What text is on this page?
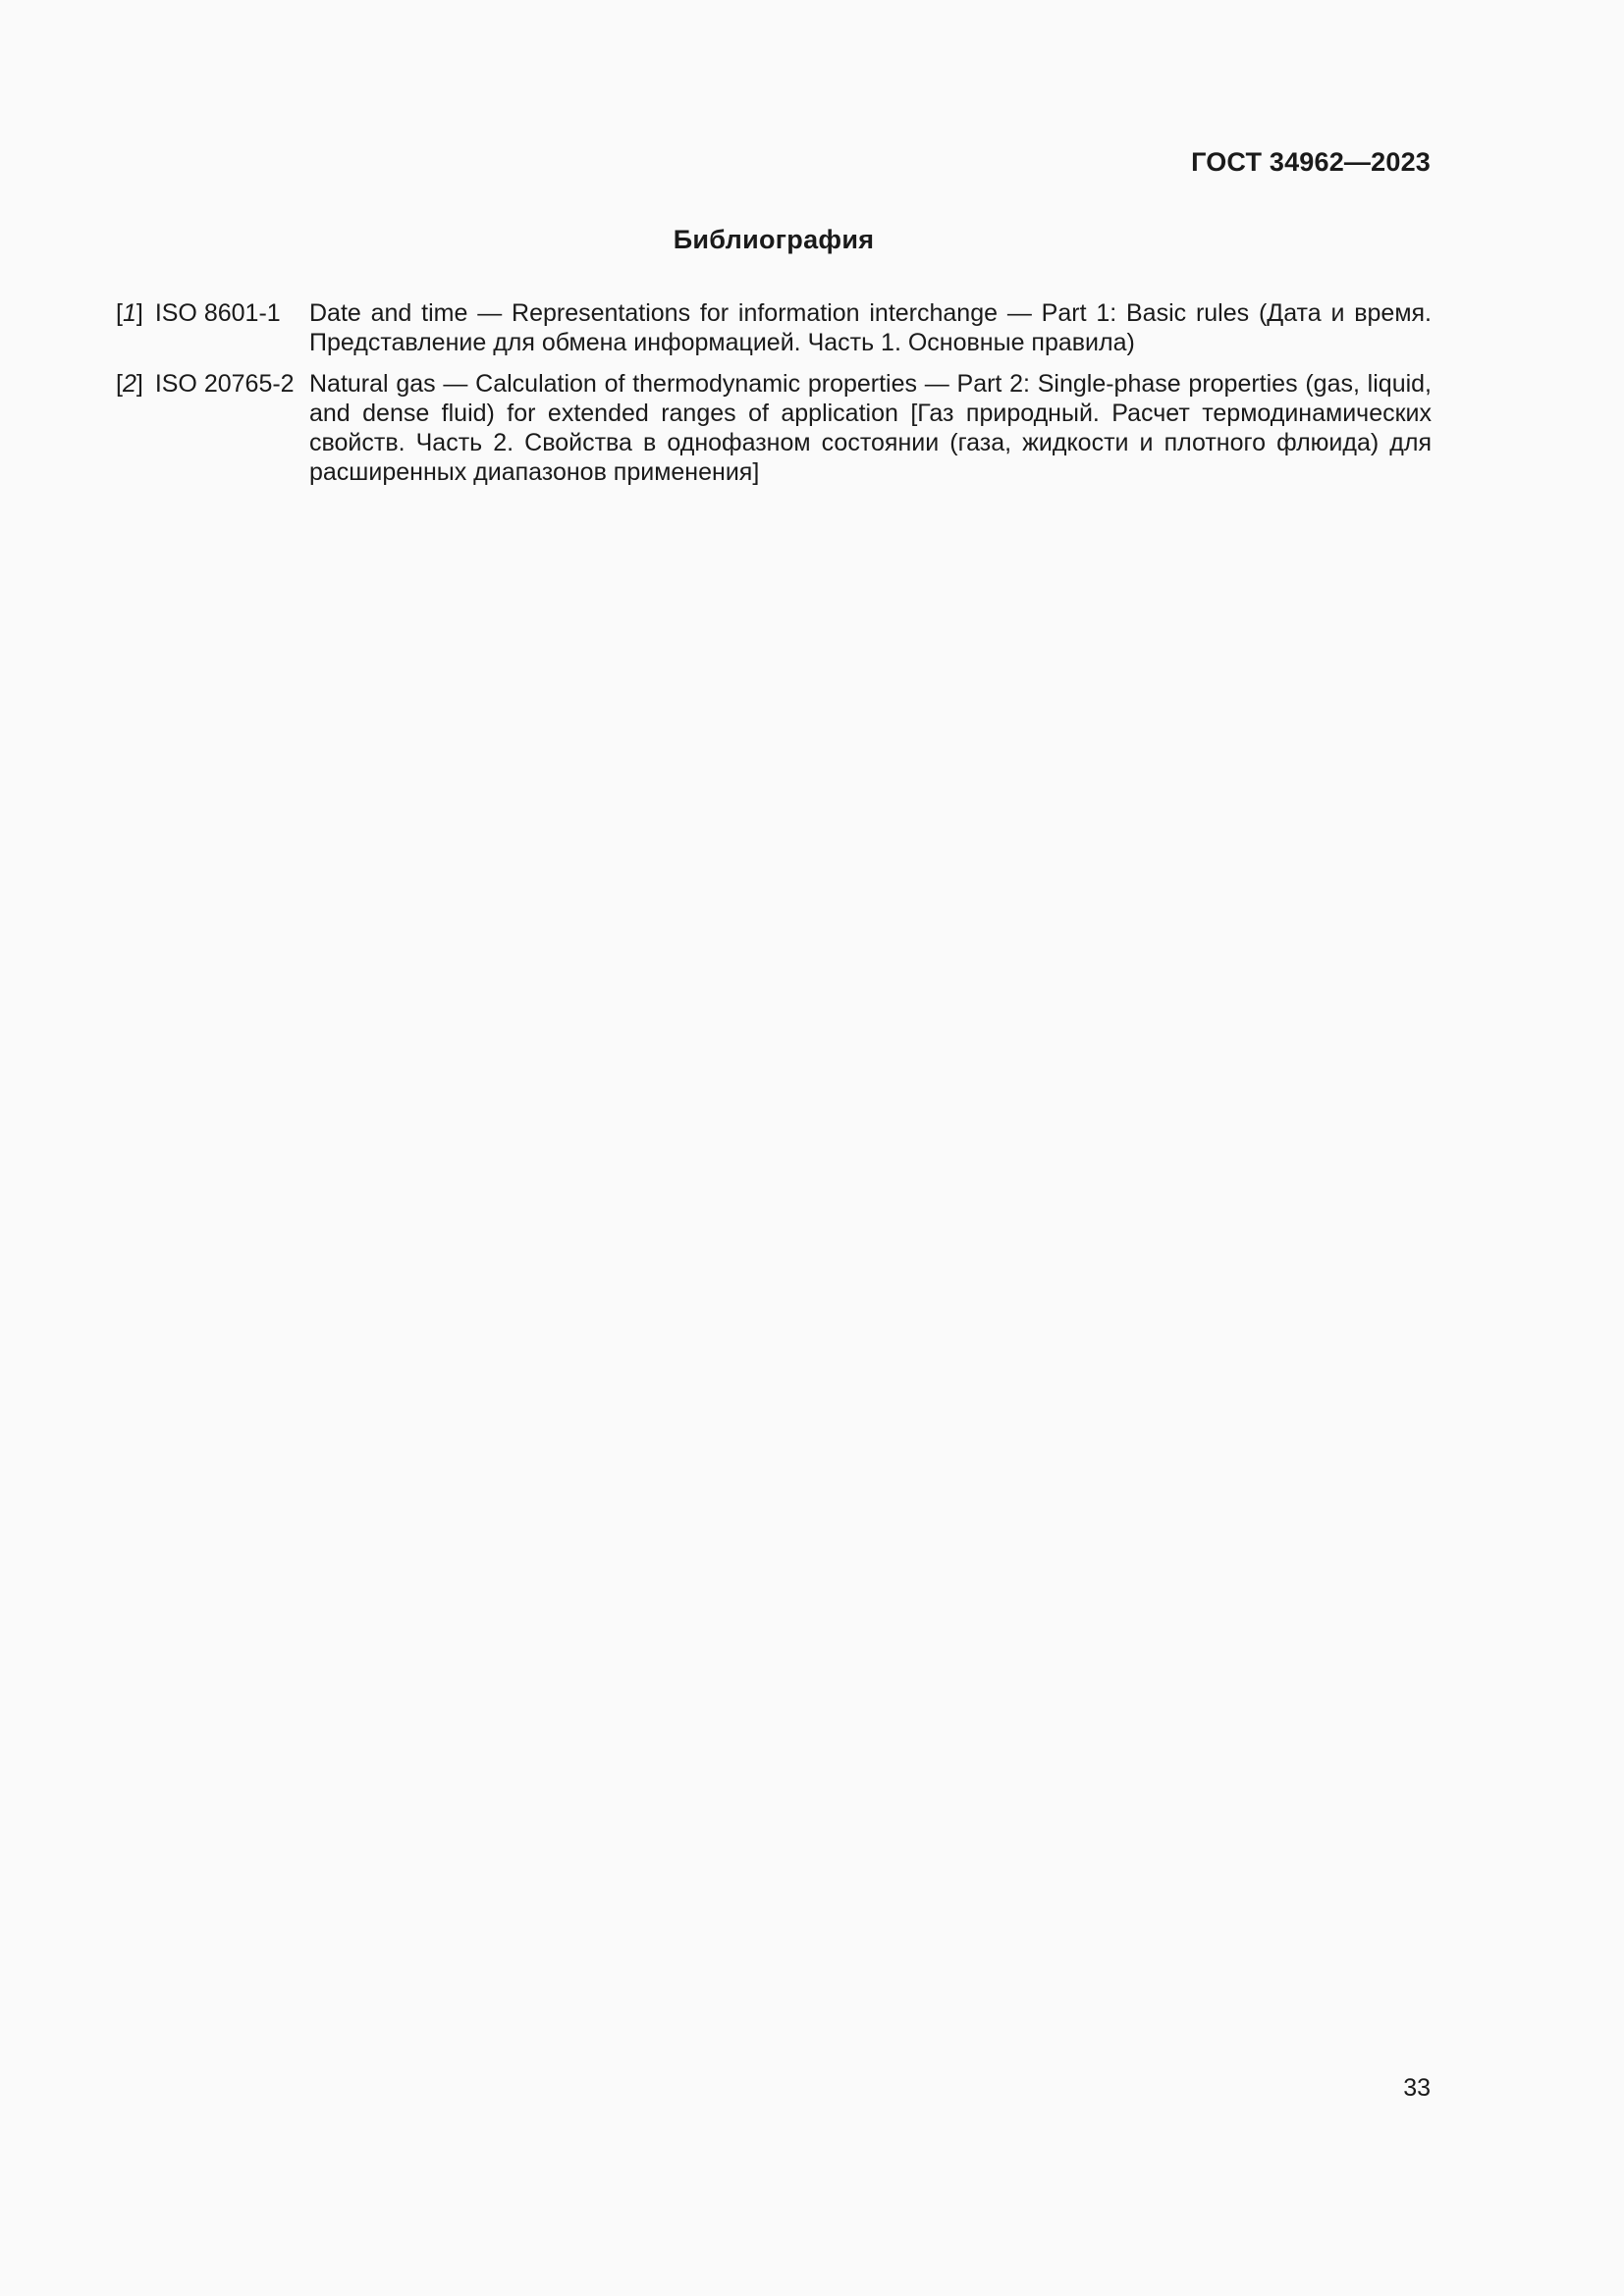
ГОСТ 34962—2023
Библиография
[1] ISO 8601-1 Date and time — Representations for information interchange — Part 1: Basic rules (Дата и время. Представление для обмена информацией. Часть 1. Основные правила)
[2] ISO 20765-2 Natural gas — Calculation of thermodynamic properties — Part 2: Single-phase properties (gas, liquid, and dense fluid) for extended ranges of application [Газ природный. Расчет термодинамических свойств. Часть 2. Свойства в однофазном состоянии (газа, жидкости и плотного флюида) для расширенных диапазонов применения]
33
